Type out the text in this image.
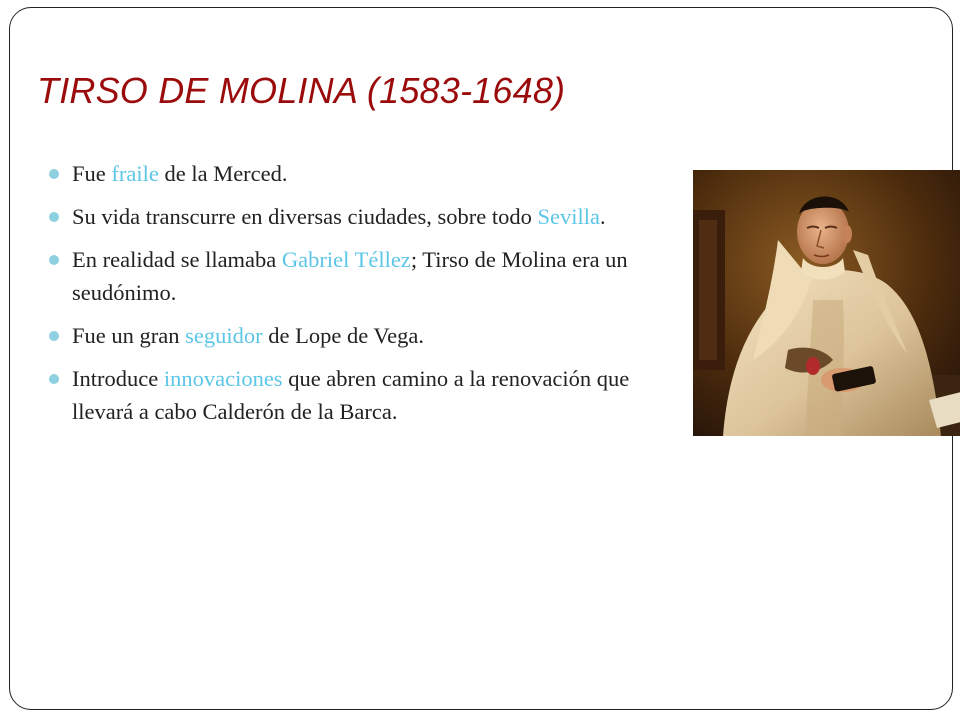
TIRSO DE MOLINA (1583-1648)
Fue fraile de la Merced.
Su vida transcurre en diversas ciudades, sobre todo Sevilla.
En realidad se llamaba Gabriel Téllez; Tirso de Molina era un seudónimo.
Fue un gran seguidor de Lope de Vega.
Introduce innovaciones que abren camino a la renovación que llevará a cabo Calderón de la Barca.
